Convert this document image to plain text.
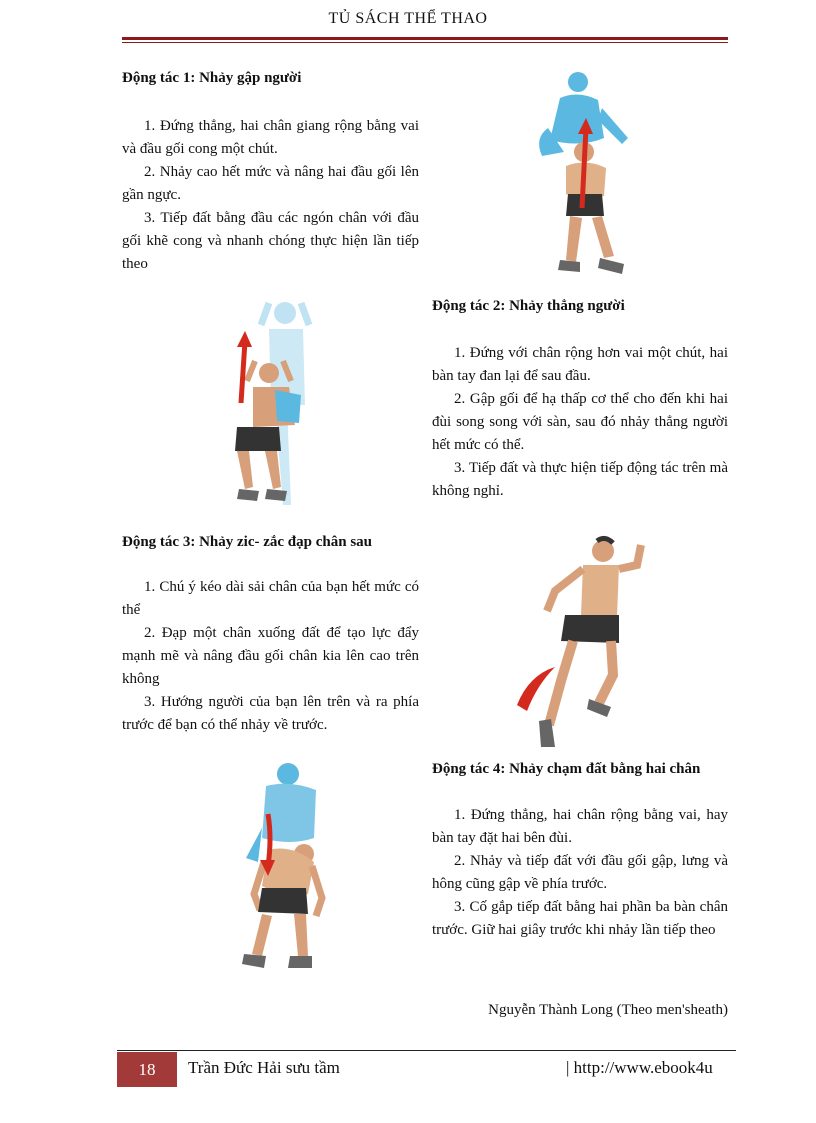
TỦ SÁCH THỂ THAO
Động tác 1: Nhảy gập người

1. Đứng thẳng, hai chân giang rộng bằng vai và đầu gối cong một chút.

2. Nhảy cao hết mức và nâng hai đầu gối lên gần ngực.

3. Tiếp đất bằng đầu các ngón chân với đầu gối khẽ cong và nhanh chóng thực hiện lần tiếp theo

Động tác 2: Nhảy thẳng người

1. Đứng với chân rộng hơn vai một chút, hai bàn tay đan lại để sau đầu.

2. Gập gối để hạ thấp cơ thể cho đến khi hai đùi song song với sàn, sau đó nhảy thẳng người hết mức có thể.

3. Tiếp đất và thực hiện tiếp động tác trên mà không nghỉ.

Động tác 3: Nhảy zic- zắc đạp chân sau

1. Chú ý kéo dài sải chân của bạn hết mức có thể

2. Đạp một chân xuống đất để tạo lực đẩy mạnh mẽ và nâng đầu gối chân kia lên cao trên không

3. Hướng người của bạn lên trên và ra phía trước để bạn có thể nhảy về trước.

Động tác 4: Nhảy chạm đất bằng hai chân

1. Đứng thẳng, hai chân rộng bằng vai, hay bàn tay đặt hai bên đùi.

2. Nhảy và tiếp đất với đầu gối gập, lưng và hông cũng gập về phía trước.

3. Cố gắp tiếp đất bằng hai phần ba bàn chân trước. Giữ hai giây trước khi nhảy lần tiếp theo

Nguyễn Thành Long (Theo men'sheath)
18	Trần Đức Hải sưu tầm	| http://www.ebook4u
